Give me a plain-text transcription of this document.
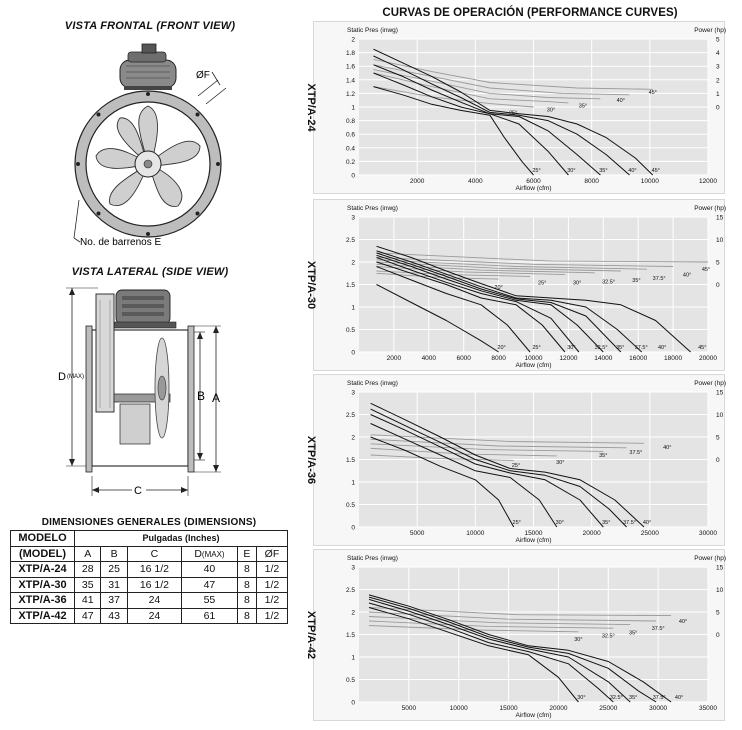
VISTA FRONTAL (FRONT VIEW)
ØF
No. de barrenos E
VISTA LATERAL (SIDE VIEW)
D (MAX)
B A
C
DIMENSIONES GENERALES (DIMENSIONS)
MODELO	Pulgadas (Inches)					
(MODEL)	A	B	C	D(MAX)	E	ØF
XTP/A-24	28	25	16 1/2	40	8	1/2
XTP/A-30	35	31	16 1/2	47	8	1/2
XTP/A-36	41	37	24	55	8	1/2
XTP/A-42	47	43	24	61	8	1/2
CURVAS DE OPERACIÓN (PERFORMANCE CURVES)
2000	4000	6000	8000	10000	12000
0
0.2
0.4
0.6
0.8
1
1.2
1.4
1.6
1.8
2
0
1
2
3
4
5
Static Pres (inwg)	Power (hp)
Airflow (cfm)
XTP/A-24	25°	30°
35°
40°
45°
25°	30°	35°	40°	45°
2000	4000	6000	8000	10000	12000	14000	16000	18000	20000
0
0.5
1
1.5
2
2.5
3
0
5
10
15
Static Pres (inwg)	Power (hp)
Airflow (cfm)
XTP/A-30	20°
25°	30°	32.5°	35° 37.5°
40°
45°
20°	25°	30°	32.5° 35° 37.5° 40°	45°
5000	10000	15000	20000	25000	30000
0
0.5
1
1.5
2
2.5
3
0
5
10
15
Static Pres (inwg)	Power (hp)
Airflow (cfm)
XTP/A-36	25°
30°
35°
37.5°
40°
25°	30°	35° 37.5° 40°
5000	10000	15000	20000	25000	30000	35000
0
0.5
1
1.5
2
2.5
3
0
5
10
15
Static Pres (inwg)	Power (hp)
Airflow (cfm)
XTP/A-42	30°
32.5°
35°
37.5°
40°
30°	32.5° 35°	37.5° 40°
